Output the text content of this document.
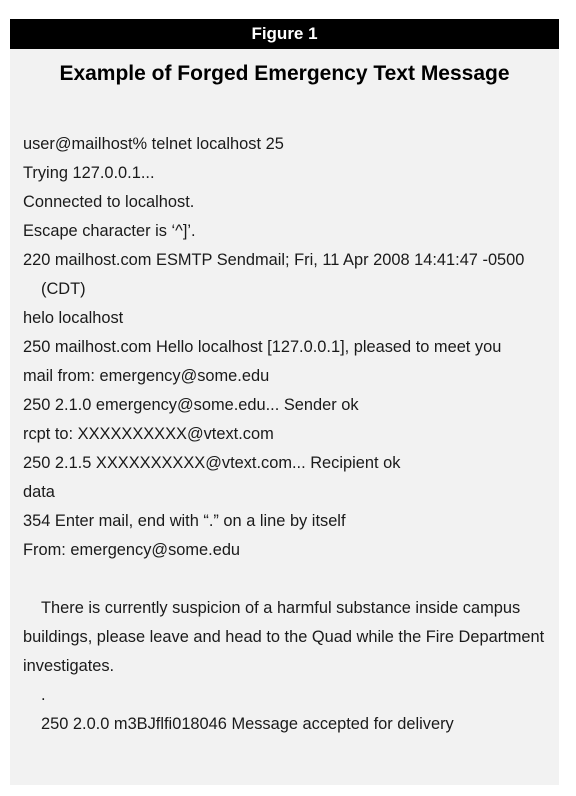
Figure 1
Example of Forged Emergency Text Message
user@mailhost% telnet localhost 25
Trying 127.0.0.1...
Connected to localhost.
Escape character is ‘^]’.
220 mailhost.com ESMTP Sendmail; Fri, 11 Apr 2008 14:41:47 -0500 (CDT)
helo localhost
250 mailhost.com Hello localhost [127.0.0.1], pleased to meet you
mail from: emergency@some.edu
250 2.1.0 emergency@some.edu... Sender ok
rcpt to: XXXXXXXXXX@vtext.com
250 2.1.5 XXXXXXXXXX@vtext.com... Recipient ok
data
354 Enter mail, end with “.” on a line by itself
From: emergency@some.edu
There is currently suspicion of a harmful substance inside campus buildings, please leave and head to the Quad while the Fire Department investigates.
.
250 2.0.0 m3BJflfi018046 Message accepted for delivery
